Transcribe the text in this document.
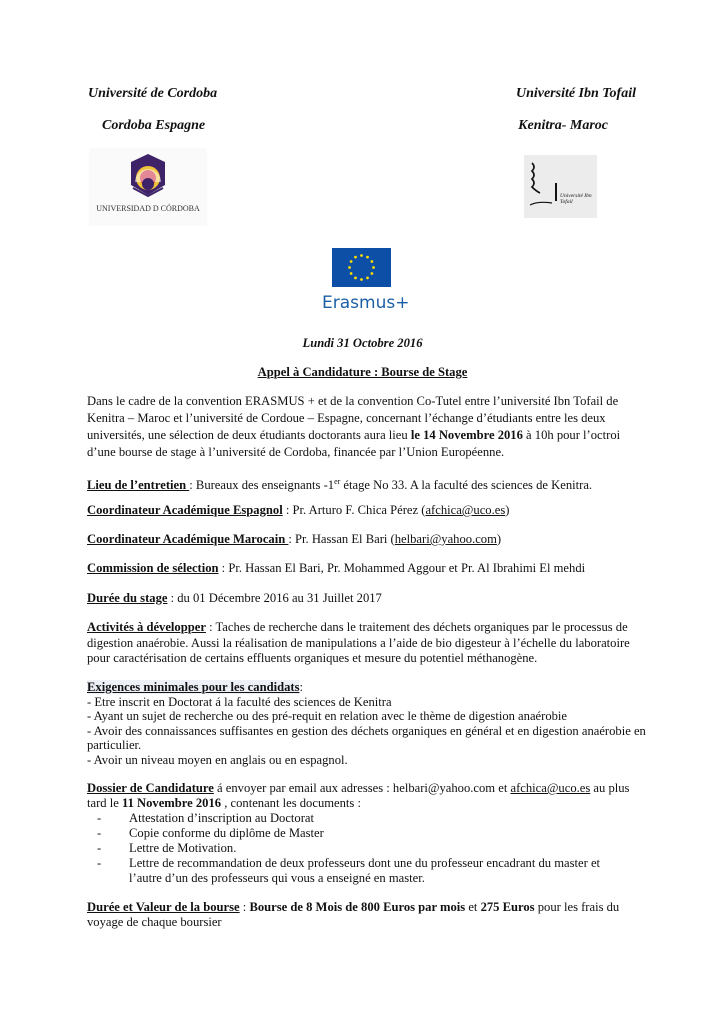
Université de Cordoba
Cordoba Espagne
Université Ibn Tofail
Kenitra- Maroc
UNIVERSIDAD D CÓRDOBA
Université Ibn Tofail
Erasmus+
Lundi 31 Octobre 2016
Appel à Candidature : Bourse de Stage
Dans le cadre de la convention ERASMUS + et de la convention Co-Tutel entre l’université Ibn Tofail de Kenitra – Maroc et l’université de Cordoue – Espagne, concernant l’échange d’étudiants entre les deux universités, une sélection de deux étudiants doctorants aura lieu le 14 Novembre 2016 à 10h pour l’octroi d’une bourse de stage à l’université de Cordoba, financée par l’Union Européenne.
Lieu de l’entretien : Bureaux des enseignants -1er étage No 33. A la faculté des sciences de Kenitra.
Coordinateur Académique Espagnol : Pr. Arturo F. Chica Pérez (afchica@uco.es)
Coordinateur Académique Marocain : Pr. Hassan El Bari (helbari@yahoo.com)
Commission de sélection : Pr. Hassan El Bari, Pr. Mohammed Aggour et Pr. Al Ibrahimi El mehdi
Durée du stage : du 01 Décembre 2016 au 31 Juillet 2017
Activités à développer : Taches de recherche dans le traitement des déchets organiques par le processus de digestion anaérobie. Aussi la réalisation de manipulations a l’aide de bio digesteur à l’échelle du laboratoire pour caractérisation de certains effluents organiques et mesure du potentiel méthanogène.
Exigences minimales pour les candidats:
- Etre inscrit en Doctorat á la faculté des sciences de Kenitra
- Ayant un sujet de recherche ou des pré-requit en relation avec le thème de digestion anaérobie
- Avoir des connaissances suffisantes en gestion des déchets organiques en général et en digestion anaérobie en particulier.
- Avoir un niveau moyen en anglais ou en espagnol.
Dossier de Candidature á envoyer par email aux adresses : helbari@yahoo.com et afchica@uco.es au plus tard le 11 Novembre 2016 , contenant les documents :
- Attestation d’inscription au Doctorat
- Copie conforme du diplôme de Master
- Lettre de Motivation.
- Lettre de recommandation de deux professeurs dont une du professeur encadrant du master et l’autre d’un des professeurs qui vous a enseigné en master.
Durée et Valeur de la bourse : Bourse de 8 Mois de 800 Euros par mois et 275 Euros pour les frais du voyage de chaque boursier
